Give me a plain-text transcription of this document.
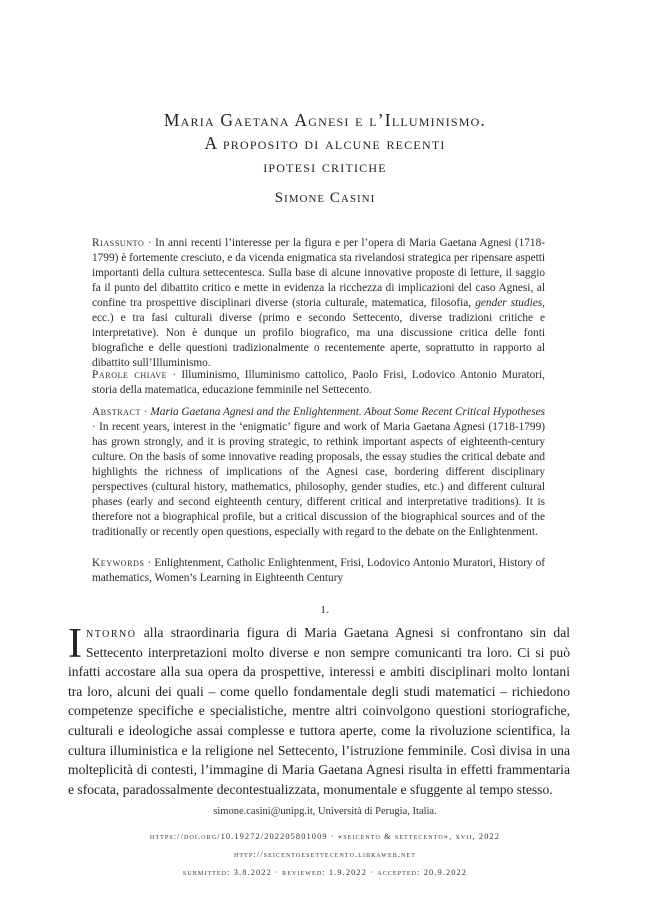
Maria Gaetana Agnesi e l’Illuminismo.
A proposito di alcune recenti
ipotesi critiche
Simone Casini
Riassunto · In anni recenti l’interesse per la figura e per l’opera di Maria Gaetana Agnesi (1718-1799) è fortemente cresciuto, e da vicenda enigmatica sta rivelandosi strategica per ripensare aspetti importanti della cultura settecentesca. Sulla base di alcune innovative proposte di letture, il saggio fa il punto del dibattito critico e mette in evidenza la ricchezza di implicazioni del caso Agnesi, al confine tra prospettive disciplinari diverse (storia culturale, matematica, filosofia, gender studies, ecc.) e tra fasi culturali diverse (primo e secondo Settecento, diverse tradizioni critiche e interpretative). Non è dunque un profilo biografico, ma una discussione critica delle fonti biografiche e delle questioni tradizionalmente o recentemente aperte, soprattutto in rapporto al dibattito sull’Illuminismo.
Parole chiave · Illuminismo, Illuminismo cattolico, Paolo Frisi, Lodovico Antonio Muratori, storia della matematica, educazione femminile nel Settecento.
Abstract · Maria Gaetana Agnesi and the Enlightenment. About Some Recent Critical Hypotheses · In recent years, interest in the ‘enigmatic’ figure and work of Maria Gaetana Agnesi (1718-1799) has grown strongly, and it is proving strategic, to rethink important aspects of eighteenth-century culture. On the basis of some innovative reading proposals, the essay studies the critical debate and highlights the richness of implications of the Agnesi case, bordering different disciplinary perspectives (cultural history, mathematics, philosophy, gender studies, etc.) and different cultural phases (early and second eighteenth century, different critical and interpretative traditions). It is therefore not a biographical profile, but a critical discussion of the biographical sources and of the traditionally or recently open questions, especially with regard to the debate on the Enlightenment.
Keywords · Enlightenment, Catholic Enlightenment, Frisi, Lodovico Antonio Muratori, History of mathematics, Women’s Learning in Eighteenth Century
1.
Intorno alla straordinaria figura di Maria Gaetana Agnesi si confrontano sin dal Settecento interpretazioni molto diverse e non sempre comunicanti tra loro. Ci si può infatti accostare alla sua opera da prospettive, interessi e ambiti disciplinari molto lontani tra loro, alcuni dei quali – come quello fondamentale degli studi matematici – richiedono competenze specifiche e specialistiche, mentre altri coinvolgono questioni storiografiche, culturali e ideologiche assai complesse e tuttora aperte, come la rivoluzione scientifica, la cultura illuministica e la religione nel Settecento, l’istruzione femminile. Così divisa in una molteplicità di contesti, l’immagine di Maria Gaetana Agnesi risulta in effetti frammentaria e sfocata, paradossalmente decontestualizzata, monumentale e sfuggente al tempo stesso.
simone.casini@unipg.it, Università di Perugia, Italia.
https://doi.org/10.19272/202205801009 · «seicento & settecento», xvii, 2022
http://seicentoesettecento.libraweb.net
submitted: 3.8.2022 · reviewed: 1.9.2022 · accepted: 20.9.2022
